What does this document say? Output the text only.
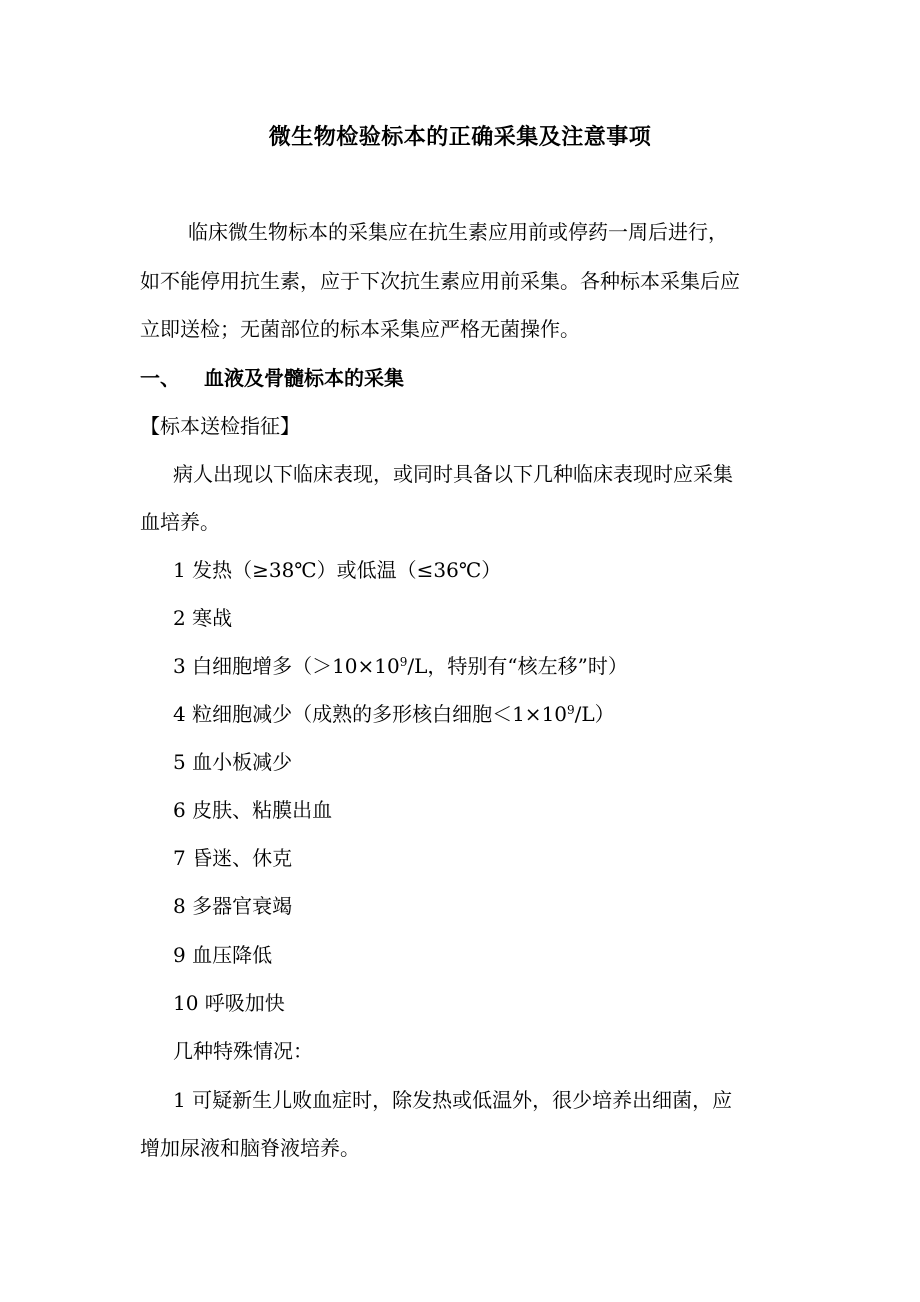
微生物检验标本的正确采集及注意事项
临床微生物标本的采集应在抗生素应用前或停药一周后进行，
如不能停用抗生素，应于下次抗生素应用前采集。各种标本采集后应
立即送检；无菌部位的标本采集应严格无菌操作。
一、 血液及骨髓标本的采集
【标本送检指征】
病人出现以下临床表现，或同时具备以下几种临床表现时应采集
血培养。
1 发热（≥38℃）或低温（≤36℃）
2 寒战
3 白细胞增多（$>10\times 10^9/L$，特别有“核左移”时）
4 粒细胞减少（成熟的多形核白细胞$<1\times 10^9/L$）
5 血小板减少
6 皮肤、粘膜出血
7 昏迷、休克
8 多器官衰竭
9 血压降低
10 呼吸加快
几种特殊情况：
1 可疑新生儿败血症时，除发热或低温外，很少培养出细菌，应
增加尿液和脑脊液培养。
